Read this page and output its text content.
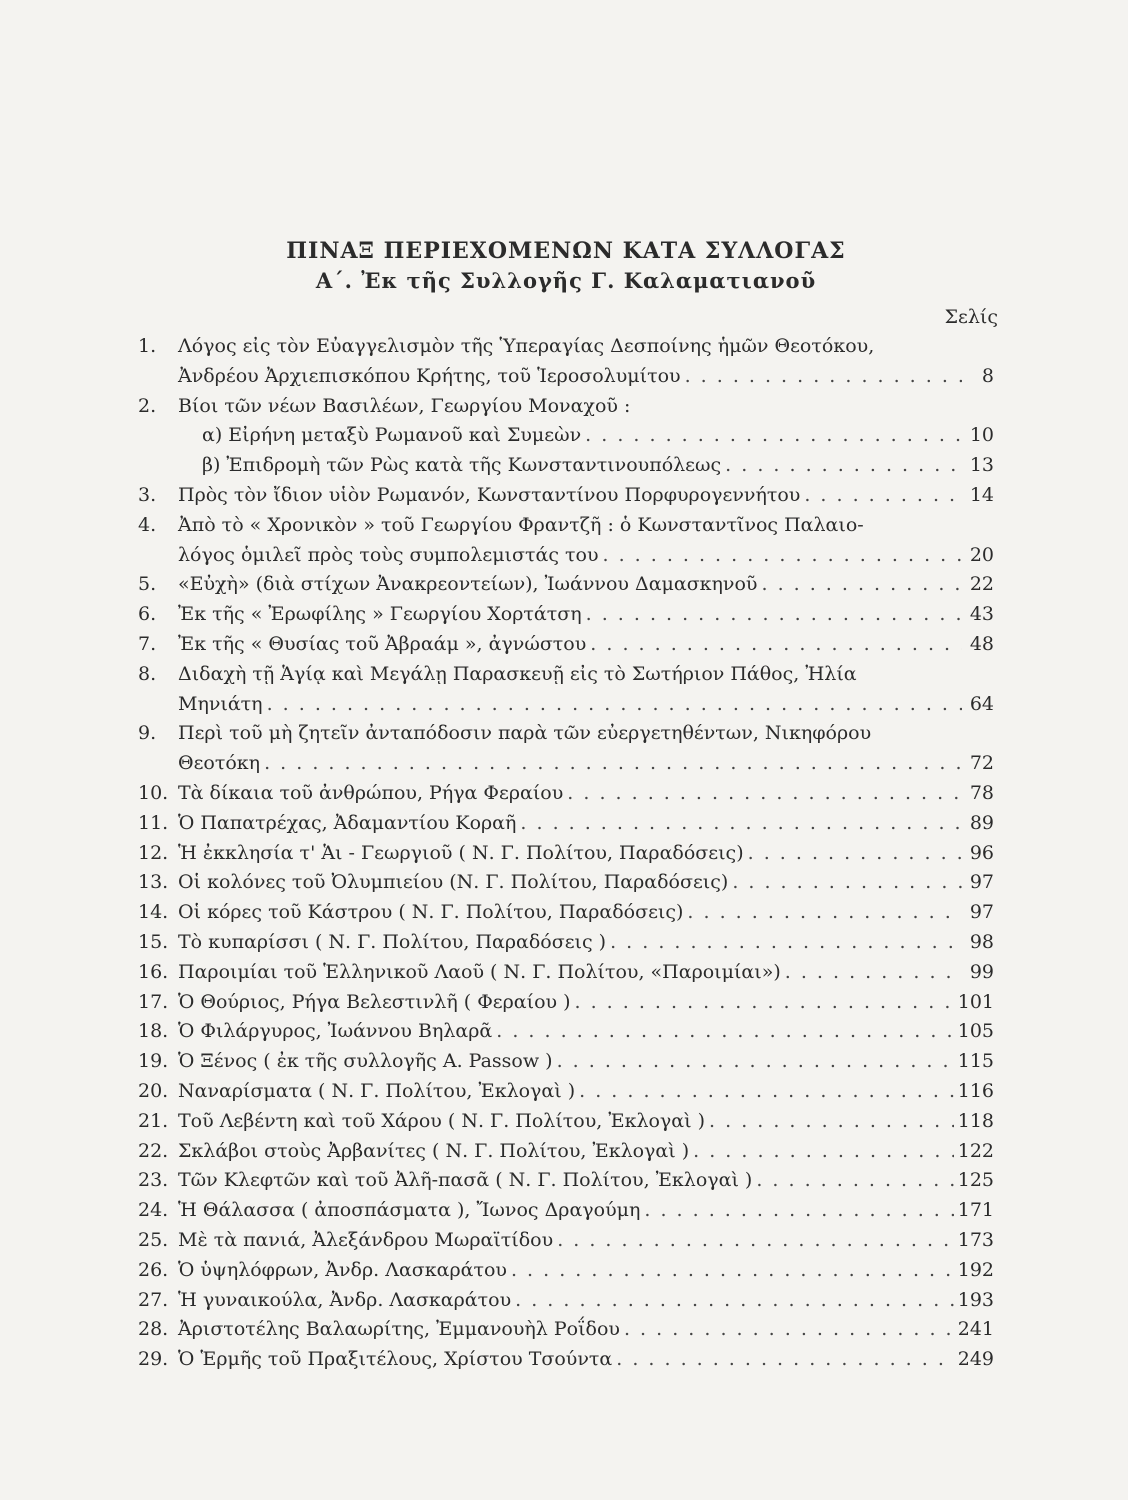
ΠΙΝΑΞ ΠΕΡΙΕΧΟΜΕΝΩΝ ΚΑΤΑ ΣΥΛΛΟΓΑΣ
Α΄. Ἐκ τῆς Συλλογῆς Γ. Καλαματιανοῦ
Σελίς
1.	Λόγος εἰς τὸν Εὐαγγελισμὸν τῆς Ὑπεραγίας Δεσποίνης ἡμῶν Θεοτόκου,
Ἀνδρέου Ἀρχιεπισκόπου Κρήτης, τοῦ Ἱεροσολυμίτου . . .	8
2.	Βίοι τῶν νέων Βασιλέων, Γεωργίου Μοναχοῦ :
α) Εἰρήνη μεταξὺ Ρωμανοῦ καὶ Συμεὼν . . .	10
β) Ἐπιδρομὴ τῶν Ρὼς κατὰ τῆς Κωνσταντινουπόλεως . . .	13
3.	Πρὸς τὸν ἴδιον υἱὸν Ρωμανόν, Κωνσταντίνου Πορφυρογεννήτου . . .	14
4.	Ἀπὸ τὸ « Χρονικὸν » τοῦ Γεωργίου Φραντζῆ : ὁ Κωνσταντῖνος Παλαιο-
λόγος ὁμιλεῖ πρὸς τοὺς συμπολεμιστάς του . . .	20
5.	«Εὐχὴ» (διὰ στίχων Ἀνακρεοντείων), Ἰωάννου Δαμασκηνοῦ . . .	22
6.	Ἐκ τῆς « Ἐρωφίλης » Γεωργίου Χορτάτση . . .	43
7.	Ἐκ τῆς « Θυσίας τοῦ Ἀβραάμ », ἀγνώστου . . .	48
8.	Διδαχὴ τῇ Ἁγίᾳ καὶ Μεγάλῃ Παρασκευῇ εἰς τὸ Σωτήριον Πάθος, Ἠλία
Μηνιάτη . . .	64
9.	Περὶ τοῦ μὴ ζητεῖν ἀνταπόδοσιν παρὰ τῶν εὐεργετηθέντων, Νικηφόρου
Θεοτόκη . . .	72
10. Τὰ δίκαια τοῦ ἀνθρώπου, Ρήγα Φεραίου . . .	78
11. Ὁ Παπατρέχας, Ἀδαμαντίου Κοραῆ . . .	89
12. Ἡ ἐκκλησία τ' Ἁι - Γεωργιοῦ ( Ν. Γ. Πολίτου, Παραδόσεις) . . .	96
13. Οἱ κολόνες τοῦ Ὀλυμπιείου (Ν. Γ. Πολίτου, Παραδόσεις) . . .	97
14. Οἱ κόρες τοῦ Κάστρου ( Ν. Γ. Πολίτου, Παραδόσεις) . . .	97
15. Τὸ κυπαρίσσι ( Ν. Γ. Πολίτου, Παραδόσεις ) . . .	98
16. Παροιμίαι τοῦ Ἑλληνικοῦ Λαοῦ ( Ν. Γ. Πολίτου, «Παροιμίαι») . . .	99
17. Ὁ Θούριος, Ρήγα Βελεστινλῆ ( Φεραίου ) . . .	101
18. Ὁ Φιλάργυρος, Ἰωάννου Βηλαρᾶ . . .	105
19. Ὁ Ξένος ( ἐκ τῆς συλλογῆς Α. Passow ) . . .	115
20. Ναναρίσματα ( Ν. Γ. Πολίτου, Ἐκλογαὶ ) . . .	116
21. Τοῦ Λεβέντη καὶ τοῦ Χάρου ( Ν. Γ. Πολίτου, Ἐκλογαὶ ) . . .	118
22. Σκλάβοι στοὺς Ἀρβανίτες ( Ν. Γ. Πολίτου, Ἐκλογαὶ ) . . .	122
23. Τῶν Κλεφτῶν καὶ τοῦ Ἀλῆ-πασᾶ ( Ν. Γ. Πολίτου, Ἐκλογαὶ ) . . .	125
24. Ἡ Θάλασσα ( ἀποσπάσματα ), Ἴωνος Δραγούμη . . .	171
25. Μὲ τὰ πανιά, Ἀλεξάνδρου Μωραϊτίδου . . .	173
26. Ὁ ὑψηλόφρων, Ἀνδρ. Λασκαράτου . . .	192
27. Ἡ γυναικούλα, Ἀνδρ. Λασκαράτου . . .	193
28. Ἀριστοτέλης Βαλαωρίτης, Ἐμμανουὴλ Ροΐδου . . .	241
29. Ὁ Ἑρμῆς τοῦ Πραξιτέλους, Χρίστου Τσούντα . . .	249
